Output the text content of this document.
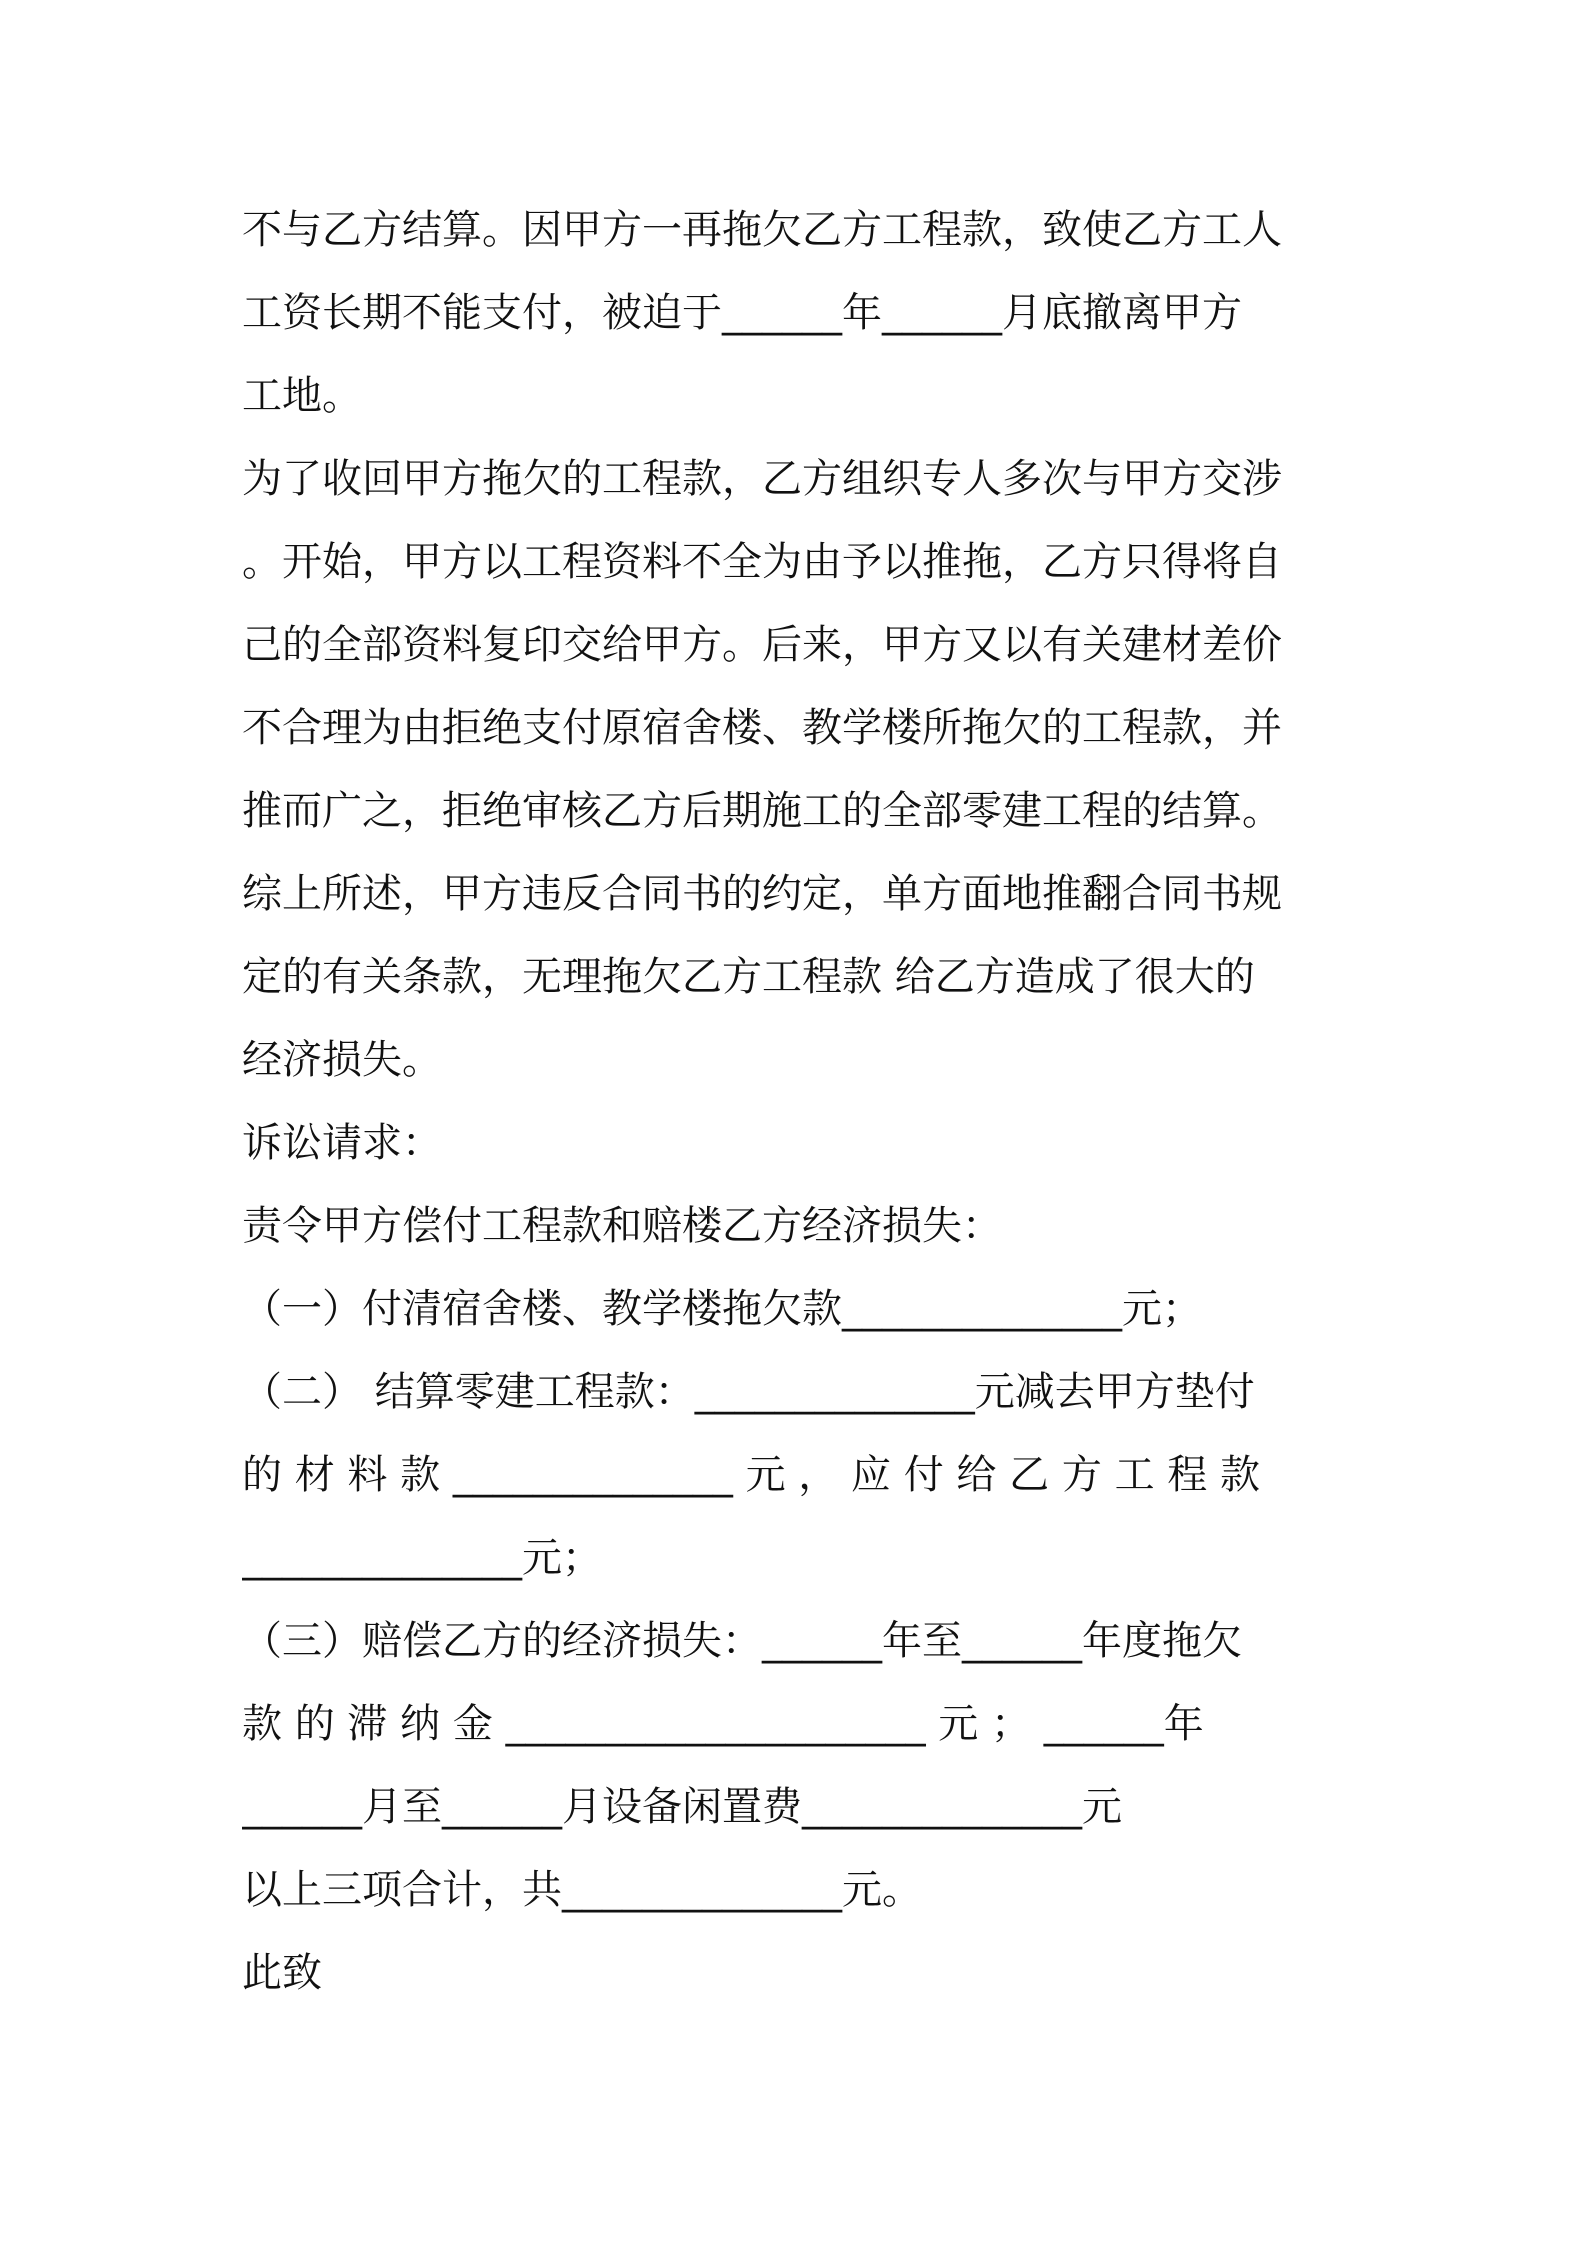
不与乙方结算。因甲方一再拖欠乙方工程款，致使乙方工人
工资长期不能支付，被迫于______年______月底撤离甲方
工地。
为了收回甲方拖欠的工程款，乙方组织专人多次与甲方交涉
。开始，甲方以工程资料不全为由予以推拖，乙方只得将自
己的全部资料复印交给甲方。后来，甲方又以有关建材差价
不合理为由拒绝支付原宿舍楼、教学楼所拖欠的工程款，并
推而广之，拒绝审核乙方后期施工的全部零建工程的结算。
综上所述，甲方违反合同书的约定，单方面地推翻合同书规
定的有关条款，无理拖欠乙方工程款 给乙方造成了很大的
经济损失。
诉讼请求：
责令甲方偿付工程款和赔楼乙方经济损失：
（一）付清宿舍楼、教学楼拖欠款______________元；
（二） 结算零建工程款：______________元减去甲方垫付
的 材 料 款 ______________ 元 ， 应 付 给 乙 方 工 程 款
______________元；
（三）赔偿乙方的经济损失：______年至______年度拖欠
款 的 滞 纳 金 _____________________ 元 ； ______年
______月至______月设备闲置费______________元
以上三项合计，共______________元。
此致
